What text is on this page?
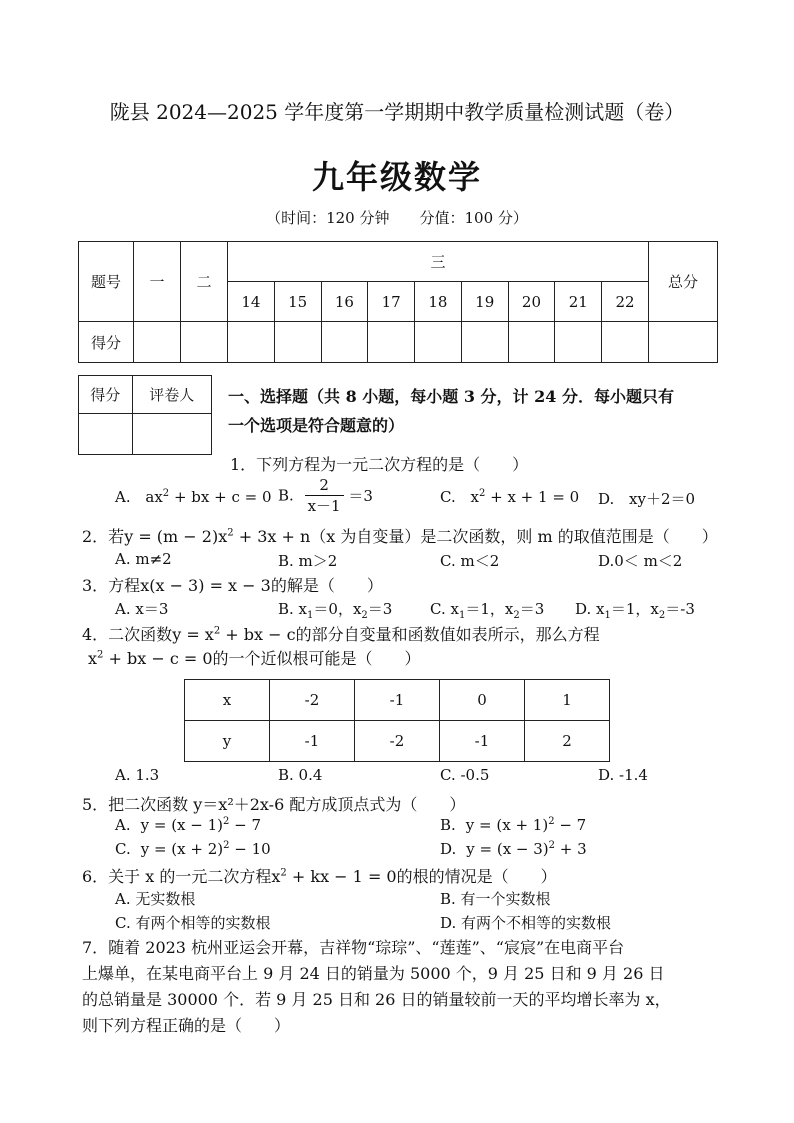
陇县 2024—2025 学年度第一学期期中教学质量检测试题（卷）
九年级数学
（时间：120 分钟　　分值：100 分）
题号	一	二	三									总分
			14	15	16	17	18	19	20	21	22	
得分												
得分	评卷人
	一、选择题（共 8 小题，每小题 3 分，计 24 分．每小题只有
一个选项是符合题意的）
1．下列方程为一元二次方程的是（　　）
A. $ax^2$ + bx + c = 0 B. $\frac{2}{x-1} =3$	C. $x^2 + x + 1 = 0$ D. xy＋2＝0
2．若$y = (m - 2)x^2 + 3x + n(x$ 为自变量）是二次函数，则 m 的取值范围是（　　）
A. m≠2	B. m＞2	C. m＜2	D.0＜ m＜2
3．方程x(x − 3) = x − 3的解是（　　）
A. x＝3	B. $x_1=0$，$x_2=3$	C. $x_1=1$，$x_2=3$ D. $x_1=1$，$x_2=-3$
4．二次函数$y = x^2$ + bx − c的部分自变量和函数值如表所示，那么方程
$x^2$ + bx − c = 0的一个近似根可能是（　　）
x	-2	-1	0	1
y	-1	-2	-1	2
A. 1.3	B. 0.4	C. -0.5	D. -1.4
5．把二次函数 y＝x²＋2x-6 配方成顶点式为（　　）
A. $y = (x - 1)^2 - 7$	B. $y = (x + 1)^2 - 7$
C. $y = (x + 2)^2 - 10$	D. $y = (x - 3)^2 + 3$
6．关于 x 的一元二次方程$x^2$ + kx − 1 = 0的根的情况是（　　）
A. 无实数根	B. 有一个实数根
C. 有两个相等的实数根	D. 有两个不相等的实数根
7．随着 2023 杭州亚运会开幕，吉祥物“琮琮”、“莲莲”、“宸宸”在电商平台
上爆单，在某电商平台上 9 月 24 日的销量为 5000 个，9 月 25 日和 9 月 26 日
的总销量是 30000 个．若 9 月 25 日和 26 日的销量较前一天的平均增长率为 x，
则下列方程正确的是（　　）
